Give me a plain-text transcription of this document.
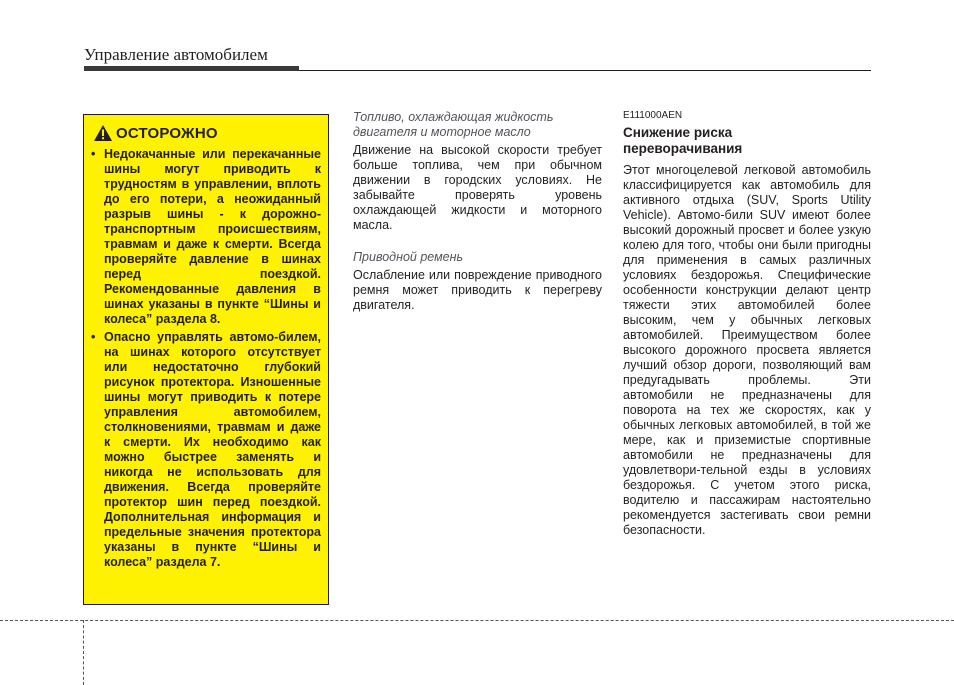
Управление автомобилем
ОСТОРОЖНО
• Недокачанные или перекачанные шины могут приводить к трудностям в управлении, вплоть до его потери, а неожиданный разрыв шины - к дорожно-транспортным происшествиям, травмам и даже к смерти. Всегда проверяйте давление в шинах перед поездкой. Рекомендованные давления в шинах указаны в пункте “Шины и колеса” раздела 8.
• Опасно управлять автомо-билем, на шинах которого отсутствует или недостаточно глубокий рисунок протектора. Изношенные шины могут приводить к потере управления автомобилем, столкновениями, травмам и даже к смерти. Их необходимо как можно быстрее заменять и никогда не использовать для движения. Всегда проверяйте протектор шин перед поездкой. Дополнительная информация и предельные значения протектора указаны в пункте “Шины и колеса” раздела 7.
Топливо, охлаждающая жидкость
двигателя и моторное масло
Движение на высокой скорости требует больше топлива, чем при обычном движении в городских условиях. Не забывайте проверять уровень охлаждающей жидкости и моторного масла.
Приводной ремень
Ослабление или повреждение приводного ремня может приводить к перегреву двигателя.
E111000AEN
Снижение риска
переворачивания
Этот многоцелевой легковой автомобиль классифицируется как автомобиль для активного отдыха (SUV, Sports Utility Vehicle). Автомо-били SUV имеют более высокий дорожный просвет и более узкую колею для того, чтобы они были пригодны для применения в самых различных условиях бездорожья. Специфические особенности конструкции делают центр тяжести этих автомобилей более высоким, чем у обычных легковых автомобилей. Преимуществом более высокого дорожного просвета является лучший обзор дороги, позволяющий вам предугадывать проблемы. Эти автомобили не предназначены для поворота на тех же скоростях, как у обычных легковых автомобилей, в той же мере, как и приземистые спортивные автомобили не предназначены для удовлетвори-тельной езды в условиях бездорожья. С учетом этого риска, водителю и пассажирам настоятельно рекомендуется застегивать свои ремни безопасности.
